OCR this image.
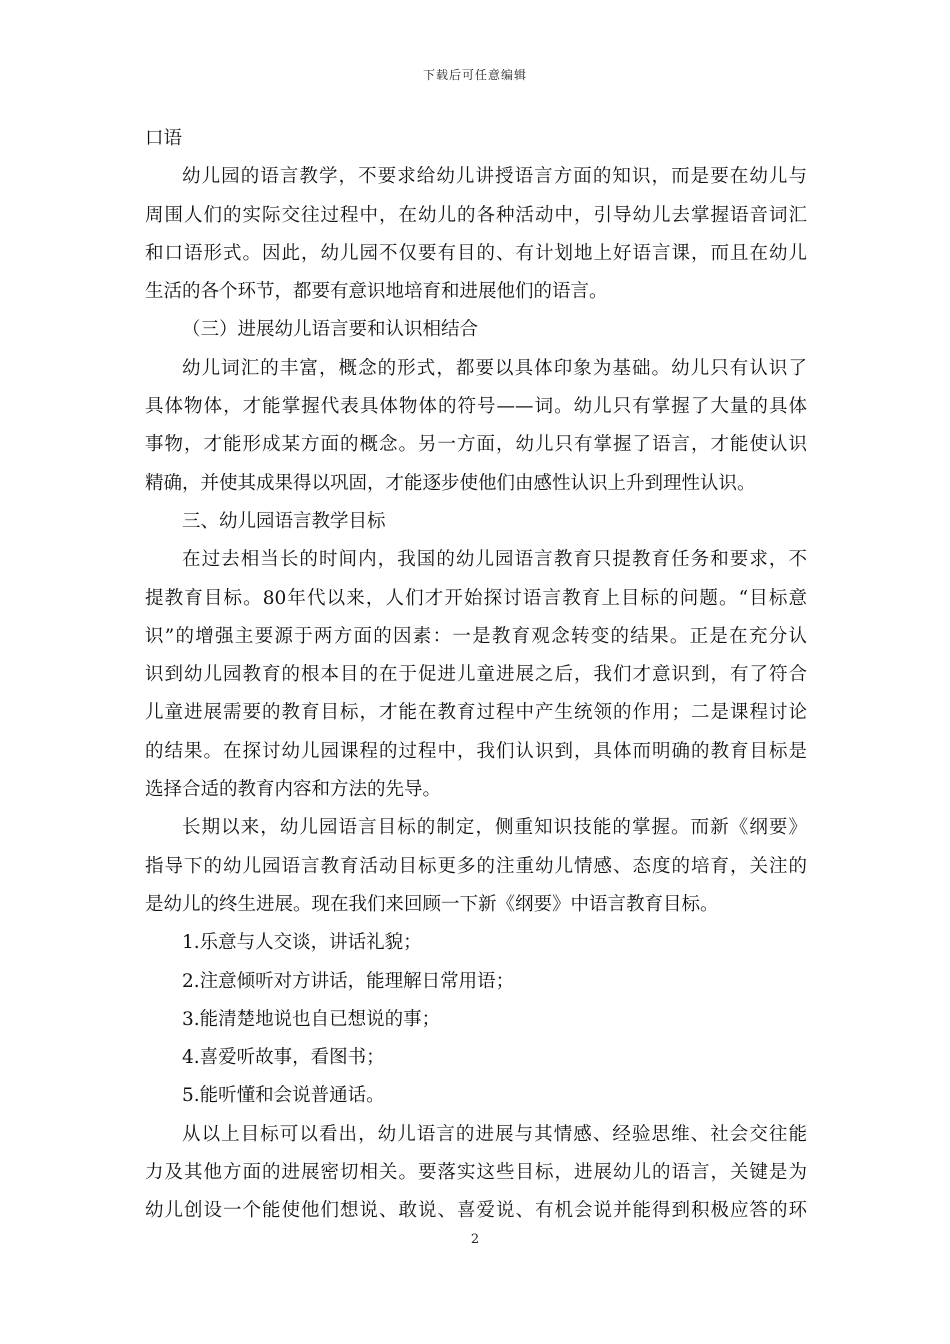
下载后可任意编辑
口语
幼儿园的语言教学，不要求给幼儿讲授语言方面的知识，而是要在幼儿与
周围人们的实际交往过程中，在幼儿的各种活动中，引导幼儿去掌握语音词汇
和口语形式。因此，幼儿园不仅要有目的、有计划地上好语言课，而且在幼儿
生活的各个环节，都要有意识地培育和进展他们的语言。
（三）进展幼儿语言要和认识相结合
幼儿词汇的丰富，概念的形式，都要以具体印象为基础。幼儿只有认识了
具体物体，才能掌握代表具体物体的符号——词。幼儿只有掌握了大量的具体
事物，才能形成某方面的概念。另一方面，幼儿只有掌握了语言，才能使认识
精确，并使其成果得以巩固，才能逐步使他们由感性认识上升到理性认识。
三、幼儿园语言教学目标
在过去相当长的时间内，我国的幼儿园语言教育只提教育任务和要求，不
提教育目标。80年代以来，人们才开始探讨语言教育上目标的问题。“目标意
识”的增强主要源于两方面的因素：一是教育观念转变的结果。正是在充分认
识到幼儿园教育的根本目的在于促进儿童进展之后，我们才意识到，有了符合
儿童进展需要的教育目标，才能在教育过程中产生统领的作用；二是课程讨论
的结果。在探讨幼儿园课程的过程中，我们认识到，具体而明确的教育目标是
选择合适的教育内容和方法的先导。
长期以来，幼儿园语言目标的制定，侧重知识技能的掌握。而新《纲要》
指导下的幼儿园语言教育活动目标更多的注重幼儿情感、态度的培育，关注的
是幼儿的终生进展。现在我们来回顾一下新《纲要》中语言教育目标。
1.乐意与人交谈，讲话礼貌；
2.注意倾听对方讲话，能理解日常用语；
3.能清楚地说也自已想说的事；
4.喜爱听故事，看图书；
5.能听懂和会说普通话。
从以上目标可以看出，幼儿语言的进展与其情感、经验思维、社会交往能
力及其他方面的进展密切相关。要落实这些目标，进展幼儿的语言，关键是为
幼儿创设一个能使他们想说、敢说、喜爱说、有机会说并能得到积极应答的环
2
